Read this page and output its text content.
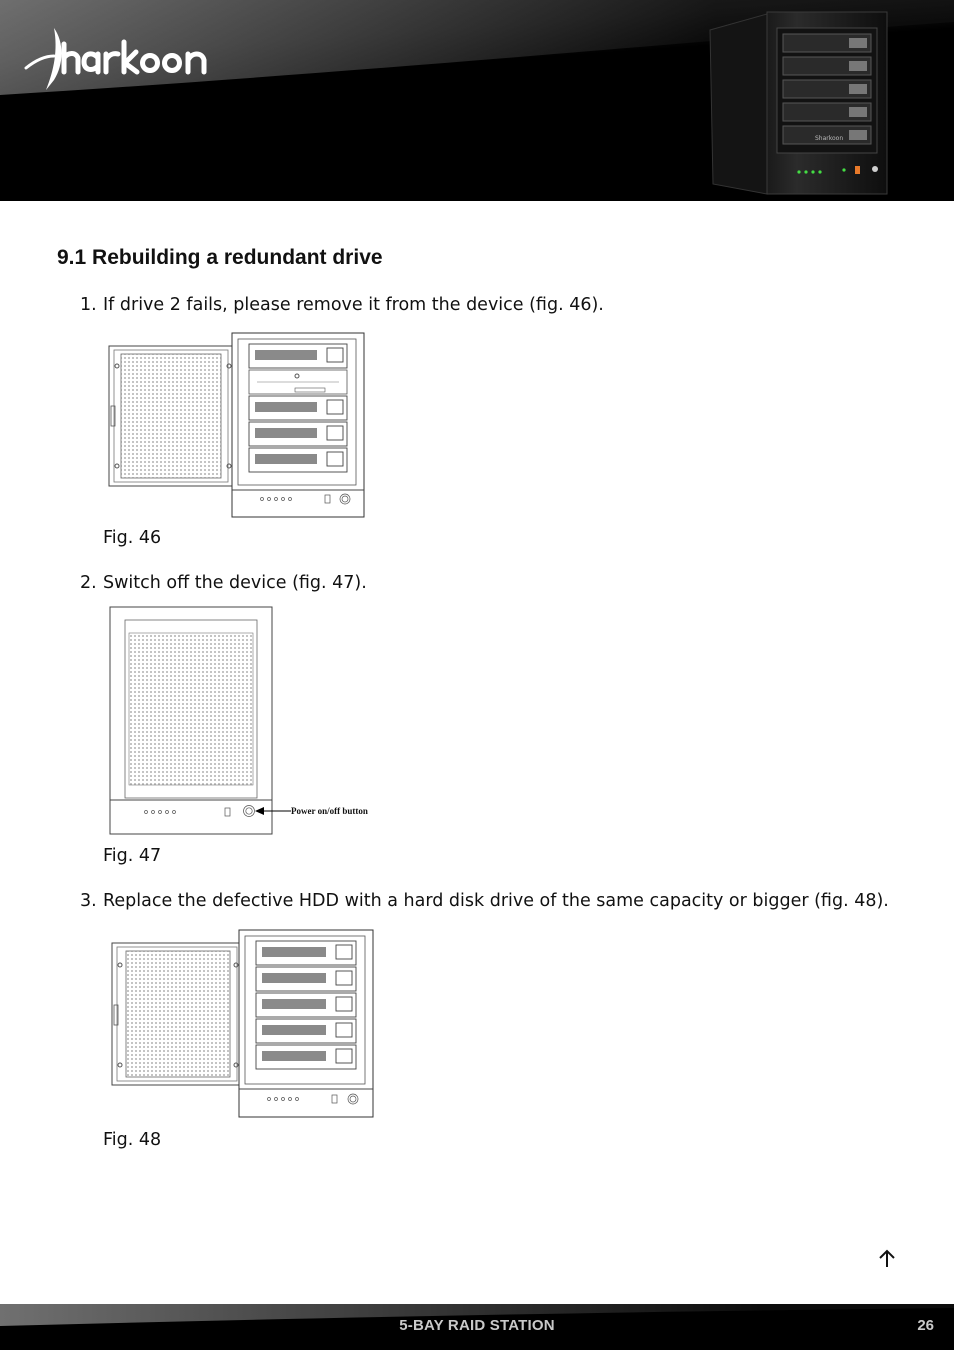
Sharkoon
9.1 Rebuilding a redundant drive
1. If drive 2 fails, please remove it from the device (fig. 46).
Fig. 46
2. Switch off the device (fig. 47).
Power on/off button
Fig. 47
3. Replace the defective HDD with a hard disk drive of the same capacity or bigger (fig. 48).
Fig. 48
5-BAY RAID STATION	26
